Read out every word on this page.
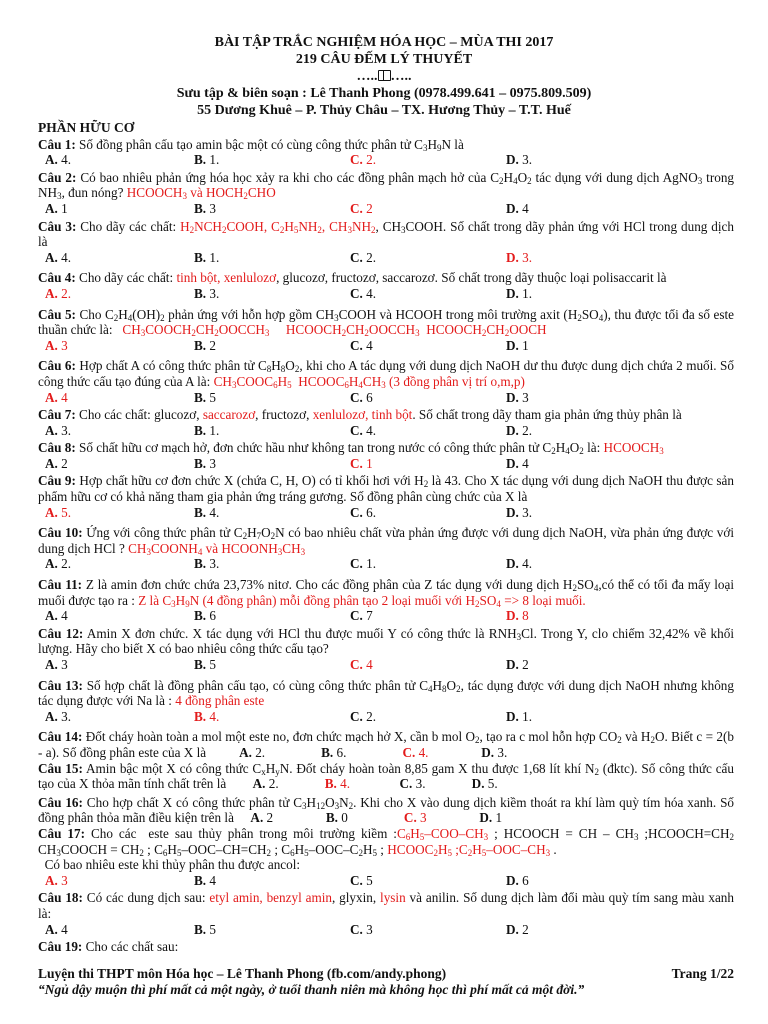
BÀI TẬP TRẮC NGHIỆM HÓA HỌC – MÙA THI 2017
219 CÂU ĐẾM LÝ THUYẾT
….. …..
Sưu tập & biên soạn : Lê Thanh Phong (0978.499.641 – 0975.809.509)
55 Dương Khuê – P. Thủy Châu – TX. Hương Thủy – T.T. Huế
PHẦN HỮU CƠ
Câu 1: Số đồng phân cấu tạo amin bậc một có cùng công thức phân tử $C_3H_9N$ là
A. 4.	B. 1.	C. 2.	D. 3.
Câu 2: Có bao nhiêu phản ứng hóa học xảy ra khi cho các đồng phân mạch hở của $C_2H_4O_2$ tác dụng với dung dịch AgNO$_3$ trong $NH_3$, đun nóng? $HCOOCH_3$ và $HOCH_2CHO$
A. 1	B. 3	C. 2	D. 4
Câu 3: Cho dãy các chất: $H_2NCH_2COOH$, $C_2H_5NH_2$, $CH_3NH_2$, $CH_3COOH$. Số chất trong dãy phản ứng với HCl trong dung dịch là
A. 4.	B. 1.	C. 2.	D. 3.
Câu 4: Cho dãy các chất: tinh bột, xenlulozơ, glucozơ, fructozơ, saccarozơ. Số chất trong dãy thuộc loại polisaccarit là
A. 2.	B. 3.	C. 4.	D. 1.
Câu 5: Cho $C_2H_4(OH)_2$ phản ứng với hỗn hợp gồm $CH_3COOH$ và HCOOH trong môi trường axit $(H_2SO_4)$, thu được tối đa số este thuần chức là:   $CH_3COOCH_2CH_2OOCCH_3$     $HCOOCH_2CH_2OOCCH_3$  $HCOOCH_2CH_2OOCH$
A. 3	B. 2	C. 4	D. 1
Câu 6: Hợp chất A có công thức phân tử $C_8H_8O_2$, khi cho A tác dụng với dung dịch NaOH dư thu được dung dịch chứa 2 muối. Số công thức cấu tạo đúng của A là: $CH_3COOC_6H_5$  $HCOOC_6H_4CH_3$ (3 đồng phân vị trí o,m,p)
A. 4	B. 5	C. 6	D. 3
Câu 7: Cho các chất: glucozơ, saccarozơ, fructozơ, xenlulozơ, tinh bột. Số chất trong dãy tham gia phản ứng thủy phân là
A. 3.	B. 1.	C. 4.	D. 2.
Câu 8: Số chất hữu cơ mạch hở, đơn chức hầu như không tan trong nước có công thức phân tử $C_2H_4O_2$ là: $HCOOCH_3$
A. 2	B. 3	C. 1	D. 4
Câu 9: Hợp chất hữu cơ đơn chức X (chứa C, H, O) có tỉ khối hơi với $H_2$ là 43. Cho X tác dụng với dung dịch NaOH thu được sản phẩm hữu cơ có khả năng tham gia phản ứng tráng gương. Số đồng phân cùng chức của X là
A. 5.	B. 4.	C. 6.	D. 3.
Câu 10: Ứng với công thức phân tử $C_2H_7O_2N$ có bao nhiêu chất vừa phản ứng được với dung dịch NaOH, vừa phản ứng được với dung dịch HCl ? $CH_3COONH_4$ và $HCOONH_3CH_3$
A. 2.	B. 3.	C. 1.	D. 4.
Câu 11: Z là amin đơn chức chứa 23,73% nitơ. Cho các đồng phân của Z tác dụng với dung dịch $H_2SO_4,có$ thể có tối đa mấy loại muối được tạo ra : Z là $C_3H_9N$ (4 đồng phân) mỗi đồng phân tạo 2 loại muối với $H_2SO_4 => 8$ loại muối.
A. 4	B. 6	C. 7	D. 8
Câu 12: Amin X đơn chức. X tác dụng với HCl thu được muối Y có công thức là $RNH_3Cl$. Trong Y, clo chiếm 32,42% về khối lượng. Hãy cho biết X có bao nhiêu công thức cấu tạo?
A. 3	B. 5	C. 4	D. 2
Câu 13: Số hợp chất là đồng phân cấu tạo, có cùng công thức phân tử $C_4H_8O_2$, tác dụng được với dung dịch NaOH nhưng không tác dụng được với Na là : 4 đồng phân este
A. 3.	B. 4.	C. 2.	D. 1.
Câu 14: Đốt cháy hoàn toàn a mol một este no, đơn chức mạch hở X, cần b mol $O_2$, tạo ra c mol hỗn hợp $CO_2$ và $H_2O$. Biết c = 2(b - a). Số đồng phân este của X là          A. 2.                 B. 6.                 C. 4.	D. 3.
Câu 15: Amin bậc một X có công thức $C_xH_yN$. Đốt cháy hoàn toàn 8,85 gam X thu được 1,68 lít khí $N_2$ (đktc). Số công thức cấu tạo của X thỏa mãn tính chất trên là        A. 2.              B. 4.	C. 3.              D. 5.
Câu 16: Cho hợp chất X có công thức phân tử $C_3H_{12}O_3N_2$. Khi cho X vào dung dịch kiềm thoát ra khí làm quỳ tím hóa xanh. Số đồng phân thỏa mãn điều kiện trên là     A. 2                B. 0                 C. 3	D. 1
Câu 17: Cho các  este sau thủy phân trong môi trường kiềm $:C_6H_5-COO-CH_3$ ; HCOOCH = CH – $CH_3$ $;HCOOCH=CH_2$ $CH_3COOCH = CH_2$ ; $C_6H_5-OOC-CH=CH_2$ ; $C_6H_5-OOC-C_2H_5$ ; $HCOOC_2H_5$ $;C_2H_5-OOC-CH_3$ .
Có bao nhiêu este khi thủy phân thu được ancol:
A. 3	B. 4	C. 5	D. 6
Câu 18: Có các dung dịch sau: etyl amin, benzyl amin, glyxin, lysin và anilin. Số dung dịch làm đổi màu quỳ tím sang màu xanh là:
A. 4	B. 5	C. 3	D. 2
Câu 19: Cho các chất sau:
Luyện thi THPT môn Hóa học – Lê Thanh Phong (fb.com/andy.phong)	Trang 1/22
“Ngủ dậy muộn thì phí mất cả một ngày, ở tuổi thanh niên mà không học thì phí mất cả một đời.”
